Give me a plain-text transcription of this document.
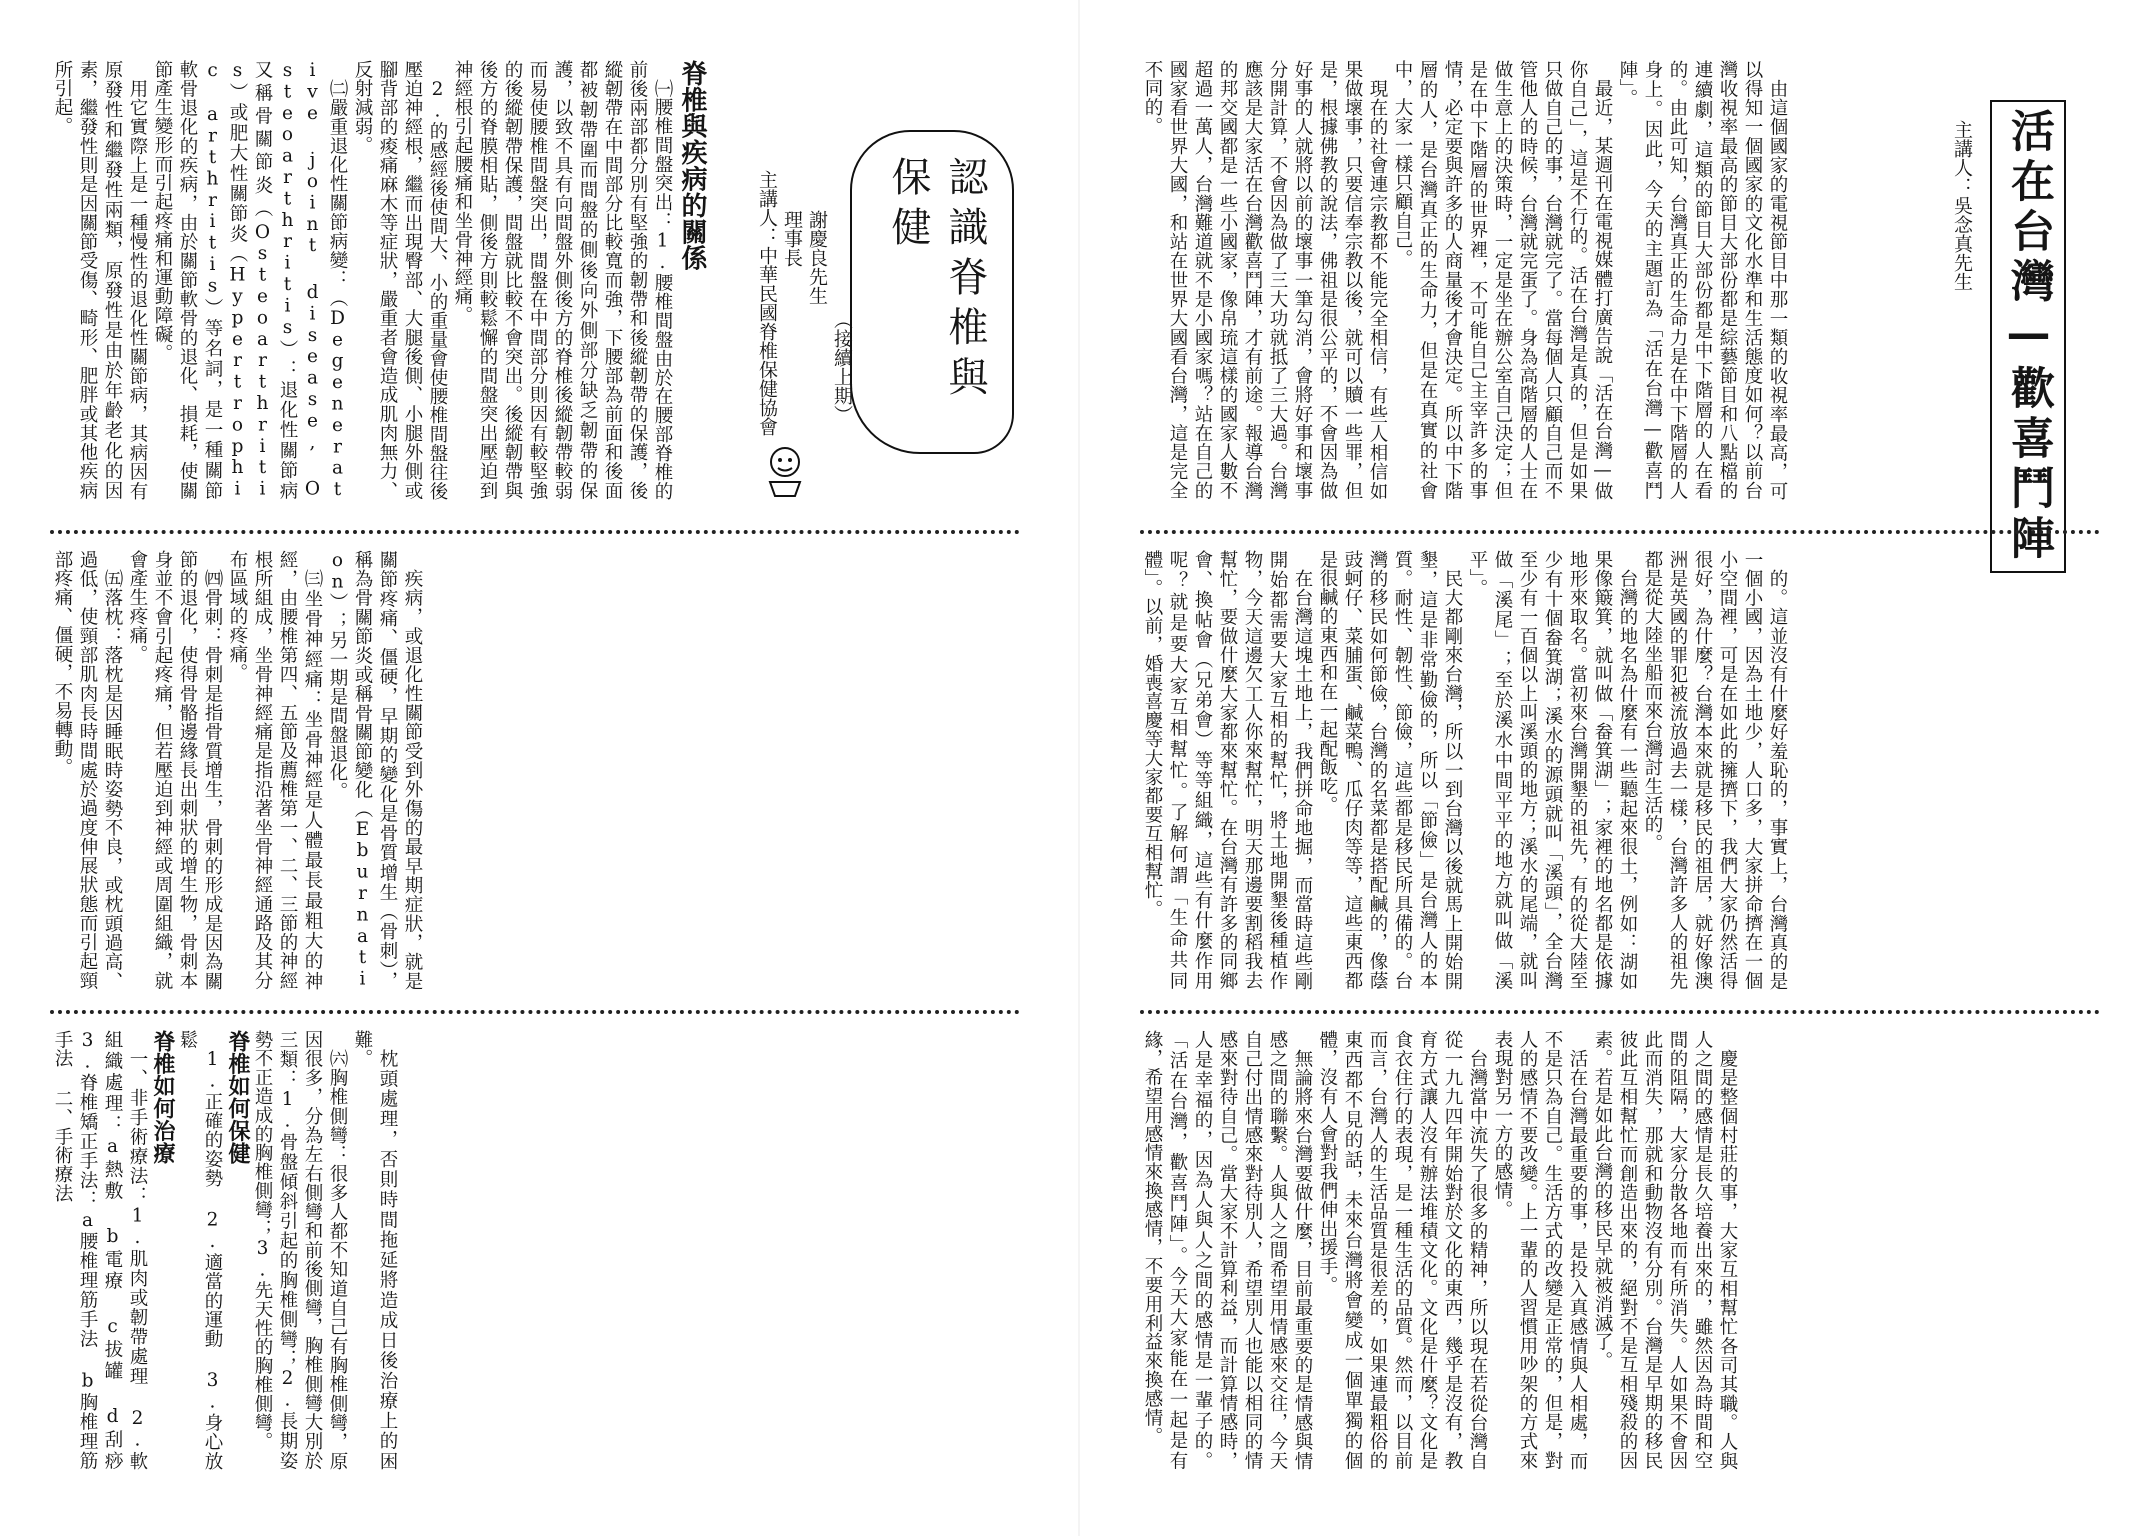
脊椎與疾病的關係

㈠腰椎間盤突出：1.腰椎間盤由於在腰部脊椎的前後兩部都分別有堅強的韌帶和後縱韌帶的保護，後縱韌帶在中間部分比較寬而強，下腰部為前面和後面都被韌帶圍而間盤的側後向外側部分缺乏韌帶的保護，以致不具有向間盤外側後方的脊椎後縱韌帶較弱而易使腰椎間盤突出，間盤在中間部分則因有較堅強的後縱韌帶保護，間盤就比較不會突出。後縱韌帶與後方的脊膜相貼，側後方則較鬆懈的間盤突出壓迫到神經根引起腰痛和坐骨神經痛。

2.的感經後使間大、小的重量會使腰椎間盤往後壓迫神經根，繼而出現臀部、大腿後側、小腿外側或腳背部的痠痛麻木等症狀，嚴重者會造成肌肉無力、反射減弱。

㈡嚴重退化性關節病變：（Degenerative joint disease, Osteoarthritis）：退化性關節病又稱骨關節炎（Osteoarthritis）或肥大性關節炎（Hypertrophic arthritis）等名詞，是一種關節軟骨退化的疾病，由於關節軟骨的退化、損耗，使關節產生變形而引起疼痛和運動障礙。

用它實際上是一種慢性的退化性關節病，其病因有原發性和繼發性兩類，原發性是由於年齡老化的因素，繼發性則是因關節受傷、畸形、肥胖或其他疾病所引起。

認識脊椎與保健
主講人：中華民國脊椎保健協會 理事長 謝慶良先生
（接續上期）

疾病，或退化性關節受到外傷的最早期症狀，就是關節疼痛、僵硬，早期的變化是骨質增生（骨刺），稱為骨關節炎或稱骨關節變化（Eburnation）；另一期是間盤退化。

㈢坐骨神經痛：坐骨神經是人體最長最粗大的神經，由腰椎第四、五節及薦椎第一、二、三節的神經根所組成，坐骨神經痛是指沿著坐骨神經通路及其分布區域的疼痛。

㈣骨刺：骨刺是指骨質增生，骨刺的形成是因為關節的退化，使得骨骼邊緣長出刺狀的增生物，骨刺本身並不會引起疼痛，但若壓迫到神經或周圍組織，就會產生疼痛。

㈤落枕：落枕是因睡眠時姿勢不良，或枕頭過高、過低，使頸部肌肉長時間處於過度伸展狀態而引起頸部疼痛、僵硬，不易轉動。

枕頭處理，否則時間拖延將造成日後治療上的困難。

㈥胸椎側彎：很多人都不知道自己有胸椎側彎，原因很多，分為左右側彎和前後側彎，胸椎側彎大別於三類：1.骨盤傾斜引起的胸椎側彎；2.長期姿勢不正造成的胸椎側彎；3.先天性的胸椎側彎。

脊椎如何保健

1.正確的姿勢 2.適當的運動 3.身心放鬆

脊椎如何治療

一、非手術療法：1.肌肉或韌帶處理 2.軟組織處理：a熱敷 b電療 c拔罐 d刮痧 3.脊椎矯正手法：a腰椎理筋手法 b胸椎理筋手法 二、手術療法

由這個國家的電視節目中那一類的收視率最高，可以得知一個國家的文化水準和生活態度如何？以前台灣收視率最高的節目大部份都是綜藝節目和八點檔的連續劇，這類的節目大部份都是中下階層的人在看的。由此可知，台灣真正的生命力是在中下階層的人身上。因此，今天的主題訂為「活在台灣—歡喜鬥陣」。

最近，某週刊在電視媒體打廣告說「活在台灣—做你自己」，這是不行的。活在台灣是真的，但是如果只做自己的事，台灣就完了。當每個人只顧自己而不管他人的時候，台灣就完蛋了。身為高階層的人士在做生意上的決策時，一定是坐在辦公室自己決定；但是在中下階層的世界裡，不可能自己主宰許多的事情，必定要與許多的人商量後才會決定。所以中下階層的人，是台灣真正的生命力，但是在真實的社會中，大家一樣只顧自己。

現在的社會連宗教都不能完全相信，有些人相信如果做壞事，只要信奉宗教以後，就可以贖一些罪，但是，根據佛教的說法，佛祖是很公平的，不會因為做好事的人就將以前的壞事一筆勾消，會將好事和壞事分開計算，不會因為做了三大功就抵了三大過。台灣應該是大家活在台灣歡喜鬥陣，才有前途。報導台灣的邦交國都是一些小國家，像帛琉這樣的國家人數不超過一萬人，台灣難道就不是小國家嗎？站在自己的國家看世界大國，和站在世界大國看台灣，這是完全不同的。

主講人：吳念真先生 活在台灣—歡喜鬥陣

的。這並沒有什麼好羞恥的，事實上，台灣真的是一個小國，因為土地少，人口多，大家拼命擠在一個小空間裡，可是在如此的擁擠下，我們大家仍然活得很好，為什麼？台灣本來就是移民的祖居，就好像澳洲是英國的罪犯被流放過去一樣，台灣許多人的祖先都是從大陸坐船而來台灣討生活的。

台灣的地名為什麼有一些聽起來很土，例如：湖如果像簸箕，就叫做「畚箕湖」；家裡的地名都是依據地形來取名。當初來台灣開墾的祖先，有的從大陸至少有十個畚箕湖；溪水的源頭就叫「溪頭」，全台灣至少有一百個以上叫溪頭的地方；溪水的尾端，就叫做「溪尾」；至於溪水中間平平的地方就叫做「溪平」。

民大都剛來台灣，所以一到台灣以後就馬上開始開墾，這是非常勤儉的，所以「節儉」是台灣人的本質。耐性、韌性、節儉，這些都是移民所具備的。台灣的移民如何節儉，台灣的名菜都是搭配鹹的，像蔭豉蚵仔、菜脯蛋、鹹菜鴨、瓜仔肉等等，這些東西都是很鹹的東西和在一起配飯吃。

在台灣這塊土地上，我們拼命地掘，而當時這些剛開始都需要大家互相的幫忙，將土地開墾後種植作物，今天這邊欠工人你來幫忙，明天那邊要割稻我去幫忙，要做什麼大家都來幫忙。在台灣有許多的同鄉會、換帖會（兄弟會）等等組織，這些有什麼作用呢？就是要大家互相幫忙。了解何謂「生命共同體」。以前，婚喪喜慶等大家都要互相幫忙。

慶是整個村莊的事，大家互相幫忙各司其職。人與人之間的感情是長久培養出來的，雖然因為時間和空間的阻隔，大家分散各地而有所消失。人如果不會因此而消失，那就和動物沒有分別。台灣是早期的移民彼此互相幫忙而創造出來的，絕對不是互相殘殺的因素。若是如此台灣的移民早就被消滅了。

活在台灣最重要的事，是投入真感情與人相處，而不是只為自己。生活方式的改變是正常的，但是，對人的感情不要改變。上一輩的人習慣用吵架的方式來表現對另一方的感情。

台灣當中流失了很多的精神，所以現在若從台灣自從一九九四年開始對於文化的東西，幾乎是沒有，教育方式讓人沒有辦法堆積文化。文化是什麼？文化是食衣住行的表現，是一種生活的品質。然而，以目前而言，台灣人的生活品質是很差的，如果連最粗俗的東西都不見的話，未來台灣將會變成一個單獨的個體，沒有人會對我們伸出援手。

無論將來台灣要做什麼，目前最重要的是情感與情感之間的聯繫。人與人之間希望用情感來交往，今天自己付出情感來對待別人，希望別人也能以相同的情感來對待自己。當大家不計算利益，而計算情感時，人是幸福的，因為人與人之間的感情是一輩子的。「活在台灣，歡喜鬥陣」。今天大家能在一起是有緣，希望用感情來換感情，不要用利益來換感情。
